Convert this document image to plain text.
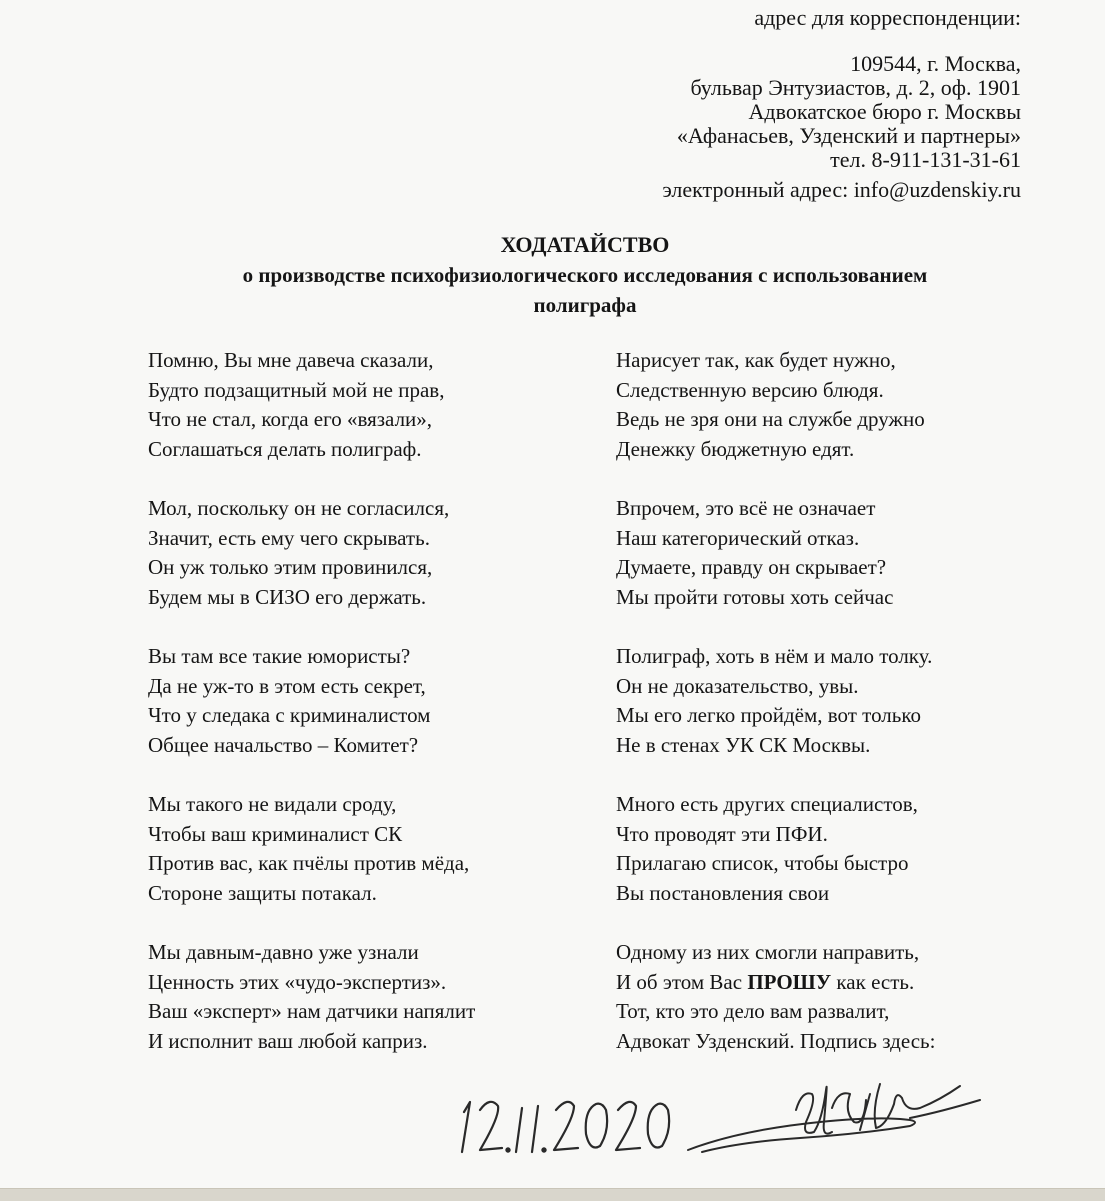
адрес для корреспонденции:
109544, г. Москва,
бульвар Энтузиастов, д. 2, оф. 1901
Адвокатское бюро г. Москвы
«Афанасьев, Узденский и партнеры»
тел. 8-911-131-31-61
электронный адрес: info@uzdenskiy.ru
ХОДАТАЙСТВО
о производстве психофизиологического исследования с использованием
полиграфа
Помню, Вы мне давеча сказали,
Будто подзащитный мой не прав,
Что не стал, когда его «вязали»,
Соглашаться делать полиграф.
Мол, поскольку он не согласился,
Значит, есть ему чего скрывать.
Он уж только этим провинился,
Будем мы в СИЗО его держать.
Вы там все такие юмористы?
Да не уж-то в этом есть секрет,
Что у следака с криминалистом
Общее начальство – Комитет?
Мы такого не видали сроду,
Чтобы ваш криминалист СК
Против вас, как пчёлы против мёда,
Стороне защиты потакал.
Мы давным-давно уже узнали
Ценность этих «чудо-экспертиз».
Ваш «эксперт» нам датчики напялит
И исполнит ваш любой каприз.
Нарисует так, как будет нужно,
Следственную версию блюдя.
Ведь не зря они на службе дружно
Денежку бюджетную едят.
Впрочем, это всё не означает
Наш категорический отказ.
Думаете, правду он скрывает?
Мы пройти готовы хоть сейчас
Полиграф, хоть в нём и мало толку.
Он не доказательство, увы.
Мы его легко пройдём, вот только
Не в стенах УК СК Москвы.
Много есть других специалистов,
Что проводят эти ПФИ.
Прилагаю список, чтобы быстро
Вы постановления свои
Одному из них смогли направить,
И об этом Вас ПРОШУ как есть.
Тот, кто это дело вам развалит,
Адвокат Узденский. Подпись здесь:
